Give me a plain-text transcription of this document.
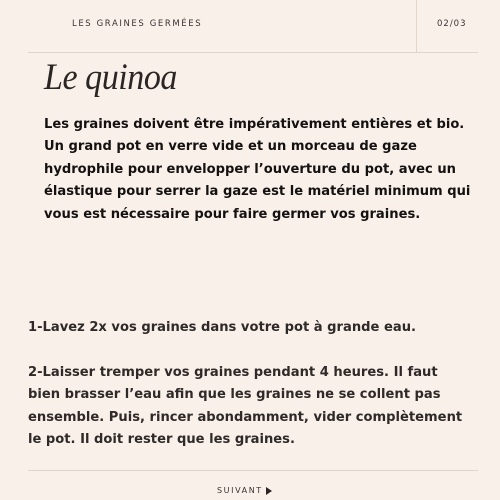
LES GRAINES GERMÉES	02/03
Le quinoa

Les graines doivent être impérativement entières et bio. Un grand pot en verre vide et un morceau de gaze hydrophile pour envelopper l’ouverture du pot, avec un élastique pour serrer la gaze est le matériel minimum qui vous est nécessaire pour faire germer vos graines.

1-Lavez 2x vos graines dans votre pot à grande eau.

2-Laisser tremper vos graines pendant 4 heures. Il faut bien brasser l’eau afin que les graines ne se collent pas ensemble. Puis, rincer abondamment, vider complètement le pot. Il doit rester que les graines.

SUIVANT
